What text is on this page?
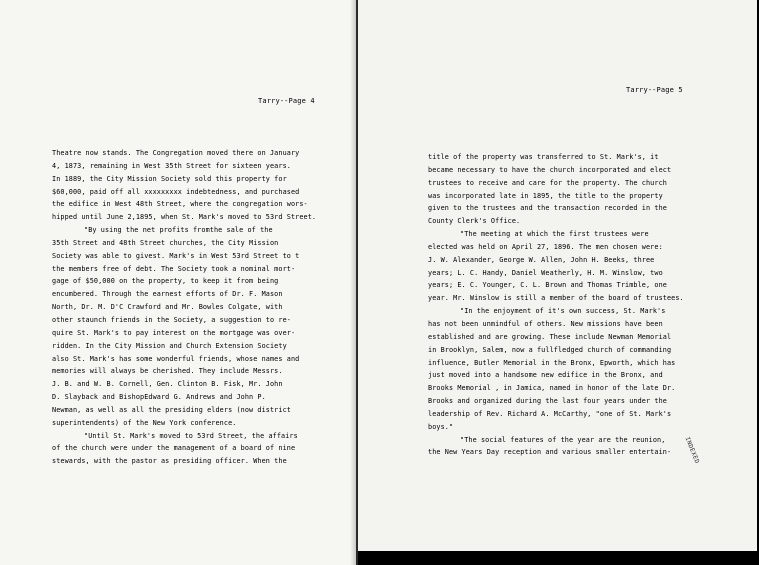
Tarry--Page 4
Tarry--Page 5
Theatre now stands. The Congregation moved there on January
4, 1873, remaining in West 35th Street for sixteen years.
In 1889, the City Mission Society sold this property for
$60,000, paid off all xxxxxxxxx indebtedness, and purchased
the edifice in West 48th Street, where the congregation wors-
hipped until June 2,1895, when St. Mark's moved to 53rd Street.
"By using the net profits fromthe sale of the
35th Street and 48th Street churches, the City Mission
Society was able to givest. Mark's in West 53rd Street to t
the members free of debt. The Society took a nominal mort-
gage of $50,000 on the property, to keep it from being
encumbered. Through the earnest efforts of Dr. F. Mason
North, Dr. M. D'C Crawford and Mr. Bowles Colgate, with
other staunch friends in the Society, a suggestion to re-
quire St. Mark's to pay interest on the mortgage was over-
ridden. In the City Mission and Church Extension Society
also St. Mark's has some wonderful friends, whose names and
memories will always be cherished. They include Messrs.
J. B. and W. B. Cornell, Gen. Clinton B. Fisk, Mr. John
D. Slayback and BishopEdward G. Andrews and John P.
Newman, as well as all the presiding elders (now district
superintendents) of the New York conference.
"Until St. Mark's moved to 53rd Street, the affairs
of the church were under the management of a board of nine
stewards, with the pastor as presiding officer. When the
title of the property was transferred to St. Mark's, it
became necessary to have the church incorporated and elect
trustees to receive and care for the property. The church
was incorporated late in 1895, the title to the property
given to the trustees and the transaction recorded in the
County Clerk's Office.
"The meeting at which the first trustees were
elected was held on April 27, 1896. The men chosen were:
J. W. Alexander, George W. Allen, John H. Beeks, three
years; L. C. Handy, Daniel Weatherly, H. M. Winslow, two
years; E. C. Younger, C. L. Brown and Thomas Trimble, one
year. Mr. Winslow is still a member of the board of trustees.
"In the enjoyment of it's own success, St. Mark's
has not been unmindful of others. New missions have been
established and are growing. These include Newman Memorial
in Brooklyn, Salem, now a fullfledged church of commanding
influence, Butler Memorial in the Bronx, Epworth, which has
just moved into a handsome new edifice in the Bronx, and
Brooks Memorial , in Jamica, named in honor of the late Dr.
Brooks and organized during the last four years under the
leadership of Rev. Richard A. McCarthy, "one of St. Mark's
boys."
"The social features of the year are the reunion,
the New Years Day reception and various smaller entertain-	INDEXED
